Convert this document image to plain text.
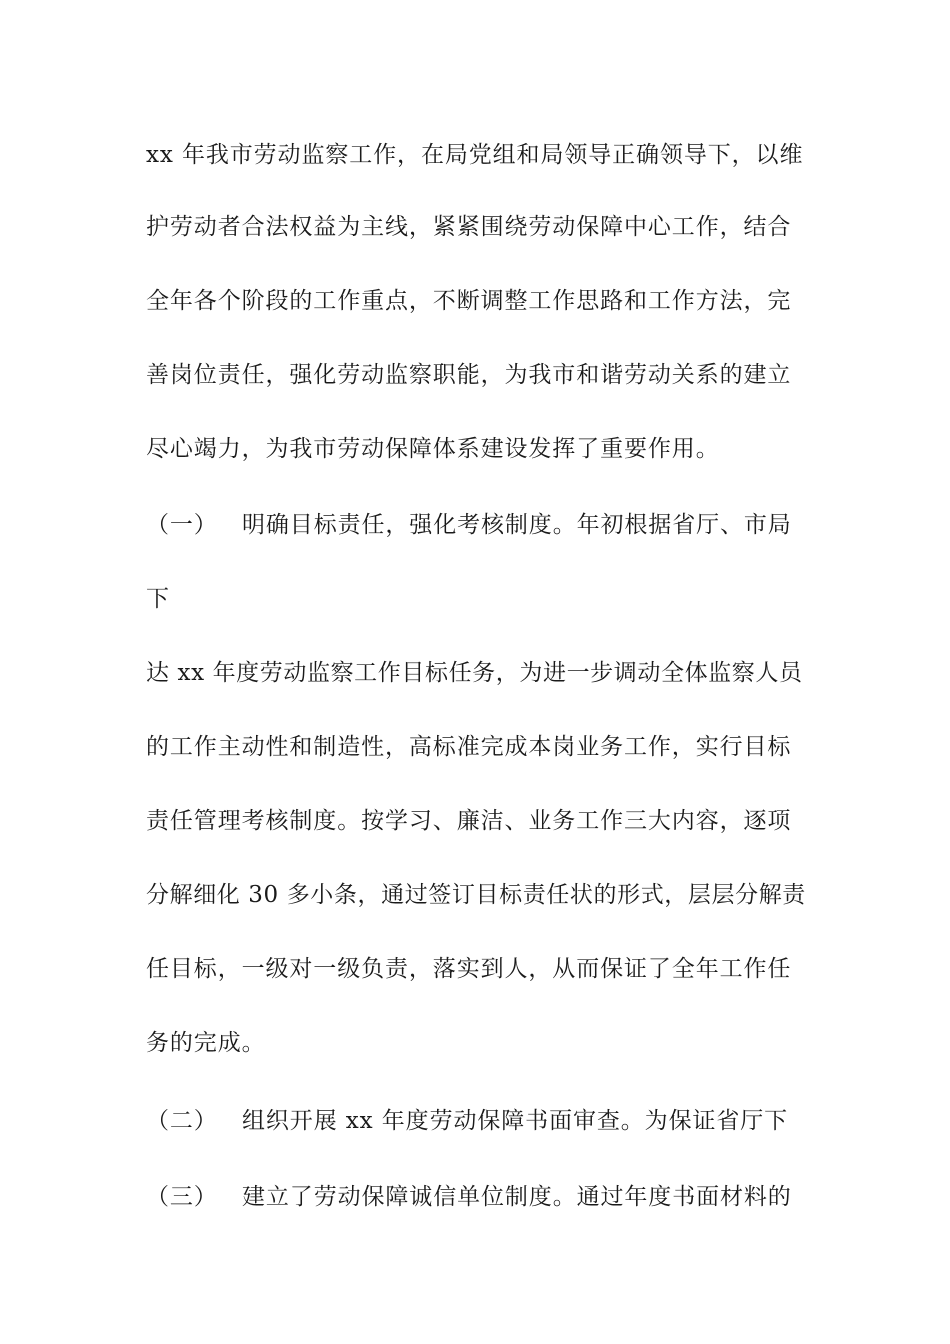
xx 年我市劳动监察工作，在局党组和局领导正确领导下，以维
护劳动者合法权益为主线，紧紧围绕劳动保障中心工作，结合
全年各个阶段的工作重点，不断调整工作思路和工作方法，完
善岗位责任，强化劳动监察职能，为我市和谐劳动关系的建立
尽心竭力，为我市劳动保障体系建设发挥了重要作用。
（一） 明确目标责任，强化考核制度。年初根据省厅、市局
下
达 xx 年度劳动监察工作目标任务，为进一步调动全体监察人员
的工作主动性和制造性，高标准完成本岗业务工作，实行目标
责任管理考核制度。按学习、廉洁、业务工作三大内容，逐项
分解细化 30 多小条，通过签订目标责任状的形式，层层分解责
任目标，一级对一级负责，落实到人，从而保证了全年工作任
务的完成。
（二） 组织开展 xx 年度劳动保障书面审查。为保证省厅下
（三） 建立了劳动保障诚信单位制度。通过年度书面材料的
